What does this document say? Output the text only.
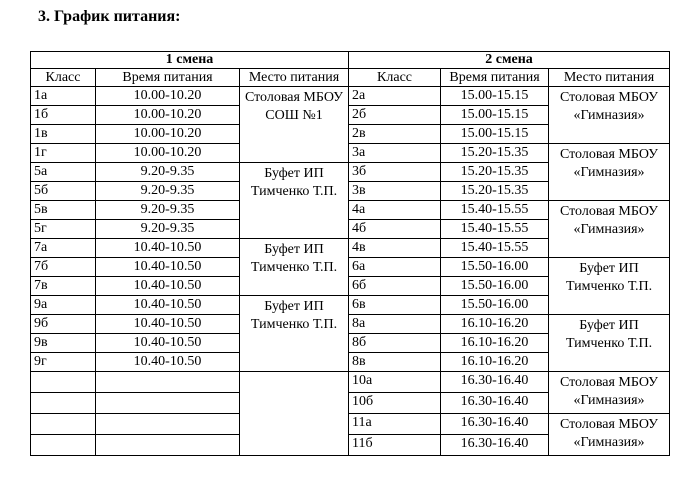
3. График питания:
1 смена			2 смена		
Класс	Время питания	Место питания	Класс	Время питания	Место питания
1а	10.00-10.20	Столовая МБОУ СОШ №1	2а	15.00-15.15	Столовая МБОУ «Гимназия»
1б	10.00-10.20		2б	15.00-15.15	
1в	10.00-10.20		2в	15.00-15.15	
1г	10.00-10.20		3а	15.20-15.35	Столовая МБОУ «Гимназия»
5а	9.20-9.35	Буфет ИП Тимченко Т.П.	3б	15.20-15.35	
5б	9.20-9.35		3в	15.20-15.35	
5в	9.20-9.35		4а	15.40-15.55	Столовая МБОУ «Гимназия»
5г	9.20-9.35		4б	15.40-15.55	
7а	10.40-10.50	Буфет ИП Тимченко Т.П.	4в	15.40-15.55	
7б	10.40-10.50		6а	15.50-16.00	Буфет ИП Тимченко Т.П.
7в	10.40-10.50		6б	15.50-16.00	
9а	10.40-10.50	Буфет ИП Тимченко Т.П.	6в	15.50-16.00	
9б	10.40-10.50		8а	16.10-16.20	Буфет ИП Тимченко Т.П.
9в	10.40-10.50		8б	16.10-16.20	
9г	10.40-10.50		8в	16.10-16.20	
			10а	16.30-16.40	Столовая МБОУ «Гимназия»
			10б	16.30-16.40	
			11а	16.30-16.40	Столовая МБОУ «Гимназия»
			11б	16.30-16.40	
